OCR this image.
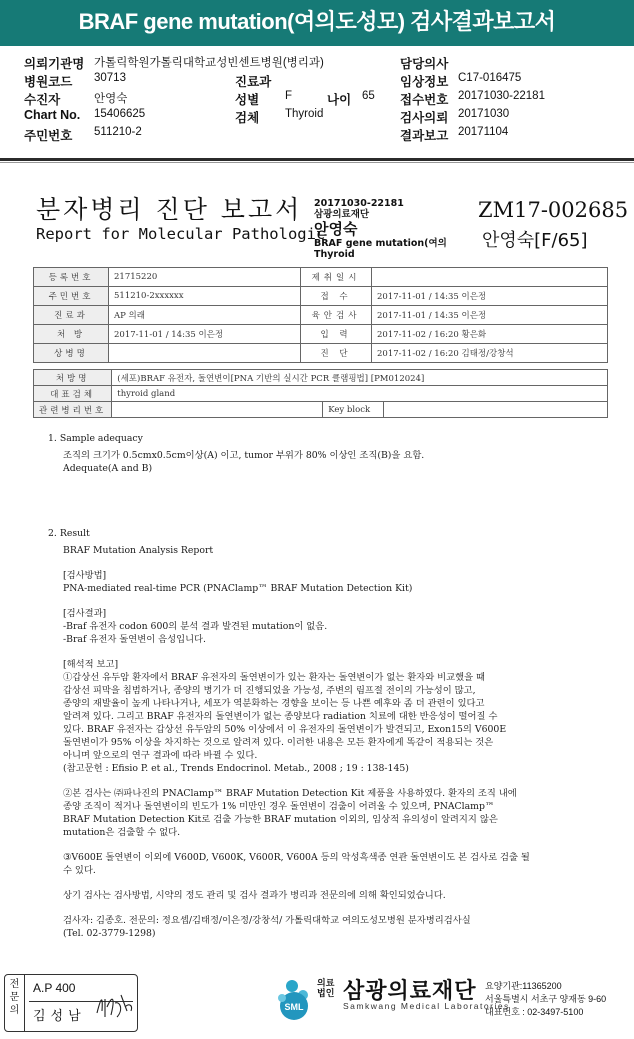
BRAF gene mutation(여의도성모) 검사결과보고서
의뢰기관명 가톨릭학원가톨릭대학교성빈센트병원(병리과)	담당의사
병원코드 30713	진료과	임상정보 C17-016475
수진자	안영숙	성별 F	나이 65 접수번호 20171030-22181
Chart No. 15406625	검체 Thyroid	검사의뢰 20171030
주민번호 511210-2	결과보고 20171104
분자병리 진단 보고서
Report for Molecular Pathologic
20171030-22181
삼광의료재단
안영숙
BRAF gene mutation(여의
Thyroid
ZM17-002685
안영숙[F/65]
등록번호	21715220	제취일시	
주민번호	511210-2xxxxxx	접 수	2017-11-01 / 14:35 이은정
진료과	AP 의래	육안검사	2017-11-01 / 14:35 이은정
처 방	2017-11-01 / 14:35 이은정	입 력	2017-11-02 / 16:20 황은화
상병명		진 단	2017-11-02 / 16:20 김태정/강창석
처방명	(세포)BRAF 유전자, 돌연변이[PNA 기반의 실시간 PCR 클램핑법] [PM012024]		
대표검체	thyroid gland		
관련병리번호		Key block	

1. Sample adequacy

조직의 크기가 0.5cmx0.5cm이상(A) 이고, tumor 부위가 80% 이상인 조직(B)을 요함.

Adequate(A and B)

2. Result

BRAF Mutation Analysis Report

[검사방법]

PNA-mediated real-time PCR (PNAClamp™ BRAF Mutation Detection Kit)

[검사결과]

-Braf 유전자 codon 600의 분석 결과 발견된 mutation이 없음.

-Braf 유전자 돌연변이 음성입니다.

[해석적 보고]

①갑상선 유두암 환자에서 BRAF 유전자의 돌연변이가 있는 환자는 돌연변이가 없는 환자와 비교했을 때

갑상선 피막을 침범하거나, 종양의 병기가 더 진행되었을 가능성, 주변의 림프절 전이의 가능성이 많고,

종양의 재발율이 높게 나타나거나, 세포가 역분화하는 경향을 보이는 등 나쁜 예후와 좀 더 관련이 있다고

알려져 있다. 그리고 BRAF 유전자의 돌연변이가 없는 종양보다 radiation 치료에 대한 반응성이 떨어질 수

있다. BRAF 유전자는 갑상선 유두암의 50% 이상에서 이 유전자의 돌연변이가 발견되고, Exon15의 V600E

돌연변이가 95% 이상을 차지하는 것으로 알려져 있다. 이러한 내용은 모든 환자에게 똑같이 적용되는 것은

아니며 앞으로의 연구 결과에 따라 바뀔 수 있다.

(참고문헌 : Efisio P. et al., Trends Endocrinol. Metab., 2008 ; 19 : 138-145)

②본 검사는 ㈜파나진의 PNAClamp™ BRAF Mutation Detection Kit 제품을 사용하였다. 환자의 조직 내에

종양 조직이 적거나 돌연변이의 빈도가 1% 미만인 경우 돌연변이 검출이 어려울 수 있으며, PNAClamp™

BRAF Mutation Detection Kit로 검출 가능한 BRAF mutation 이외의, 임상적 유의성이 알려지지 않은

mutation은 검출할 수 없다.

③V600E 돌연변이 이외에 V600D, V600K, V600R, V600A 등의 악성흑색종 연관 돌연변이도 본 검사로 검출 될

수 있다.

상기 검사는 검사방법, 시약의 정도 관리 및 검사 결과가 병리과 전문의에 의해 확인되었습니다.

검사자: 김종호. 전문의: 정요셉/김태정/이은정/강창석/ 가톨릭대학교 여의도성모병원 분자병리검사실

(Tel. 02-3779-1298)

전문의
A.P 400
김성남
SML
의료법인 삼광의료재단
Samkwang Medical Laboratories
요양기관:11365200
서울특별시 서초구 양재동 9-60
대표번호 : 02-3497-5100
